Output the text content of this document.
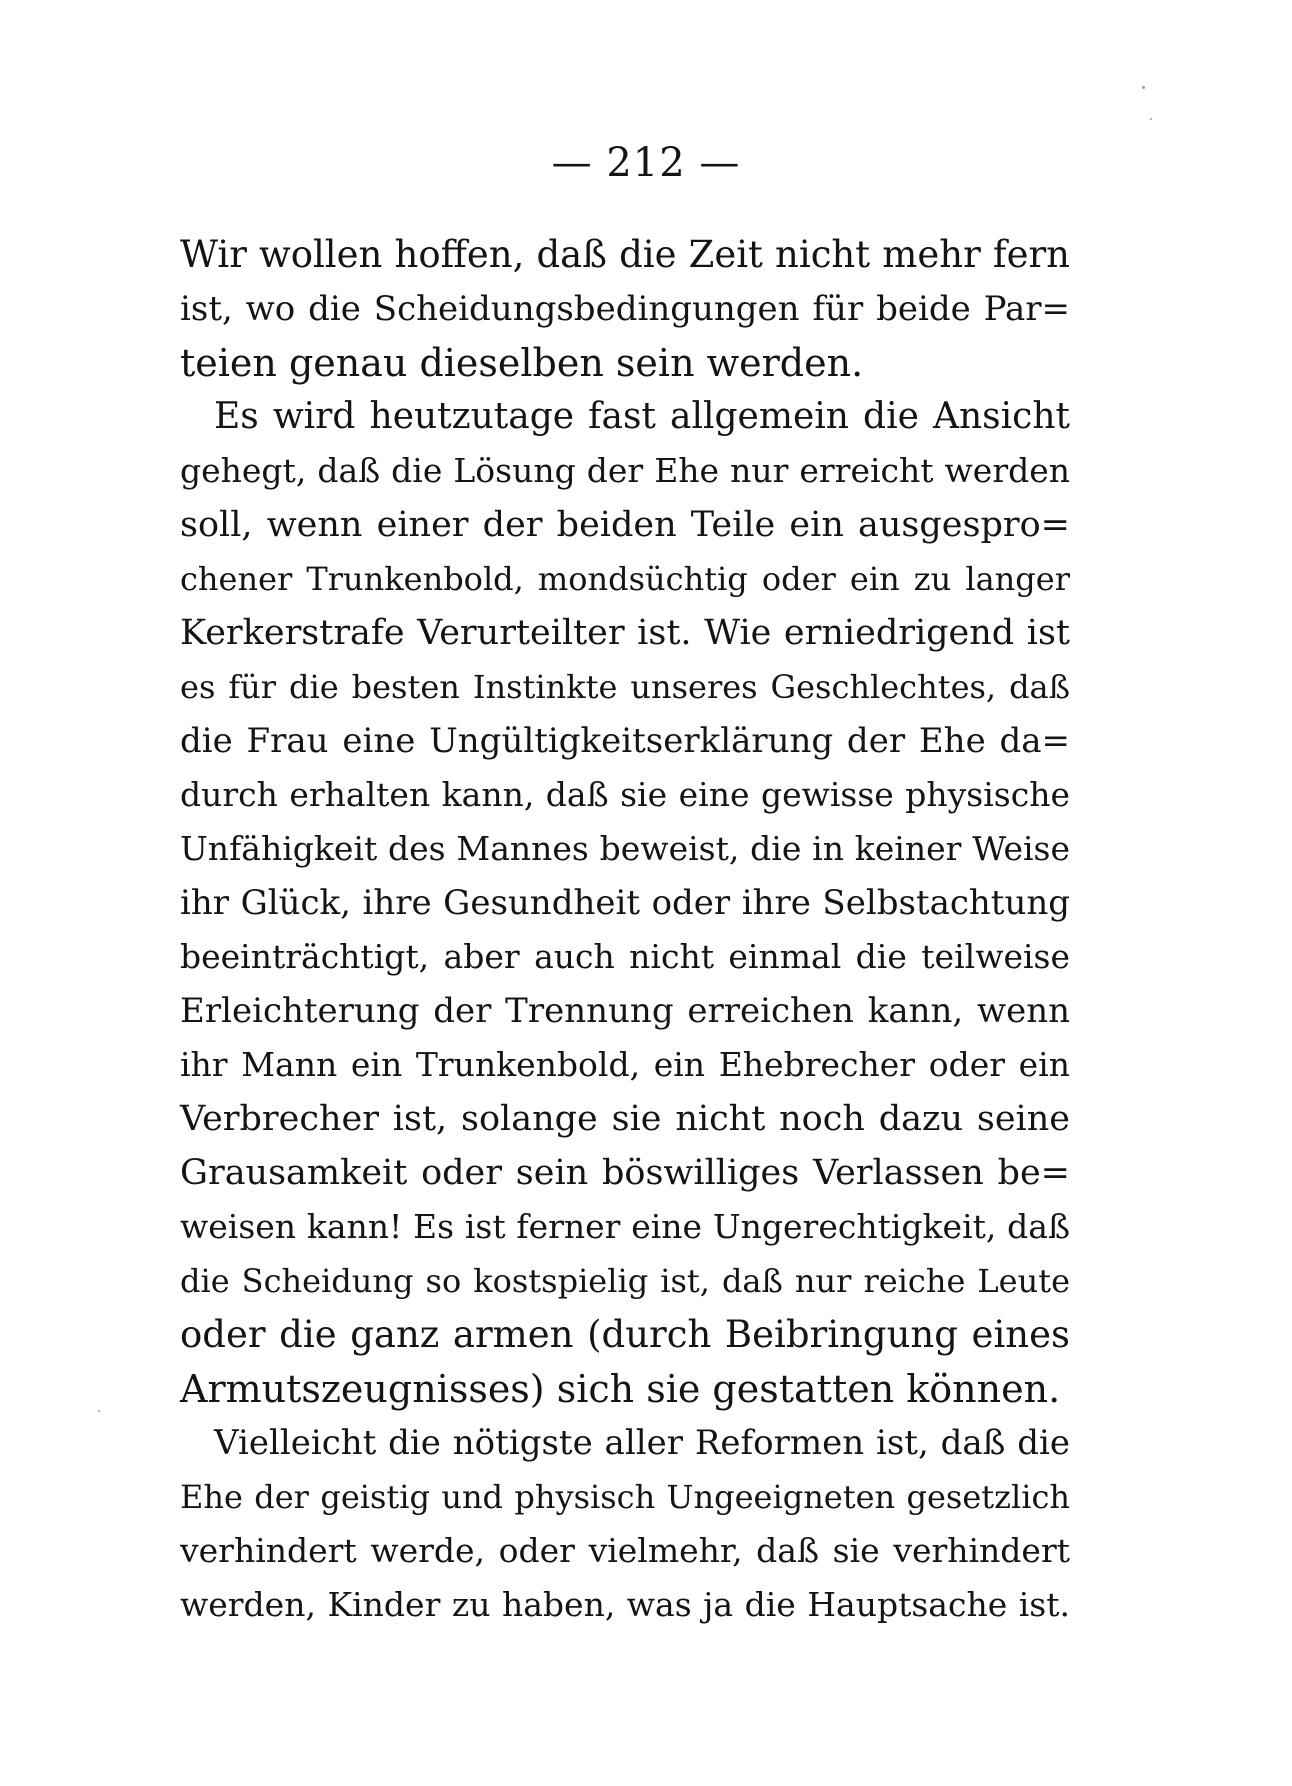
— 212 —
Wir wollen hoffen, daß die Zeit nicht mehr fern
ist, wo die Scheidungsbedingungen für beide Par=
teien genau dieselben sein werden.
Es wird heutzutage fast allgemein die Ansicht
gehegt, daß die Lösung der Ehe nur erreicht werden
soll, wenn einer der beiden Teile ein ausgespro=
chener Trunkenbold, mondsüchtig oder ein zu langer
Kerkerstrafe Verurteilter ist. Wie erniedrigend ist
es für die besten Instinkte unseres Geschlechtes, daß
die Frau eine Ungültigkeitserklärung der Ehe da=
durch erhalten kann, daß sie eine gewisse physische
Unfähigkeit des Mannes beweist, die in keiner Weise
ihr Glück, ihre Gesundheit oder ihre Selbstachtung
beeinträchtigt, aber auch nicht einmal die teilweise
Erleichterung der Trennung erreichen kann, wenn
ihr Mann ein Trunkenbold, ein Ehebrecher oder ein
Verbrecher ist, solange sie nicht noch dazu seine
Grausamkeit oder sein böswilliges Verlassen be=
weisen kann! Es ist ferner eine Ungerechtigkeit, daß
die Scheidung so kostspielig ist, daß nur reiche Leute
oder die ganz armen (durch Beibringung eines
Armutszeugnisses) sich sie gestatten können.
Vielleicht die nötigste aller Reformen ist, daß die
Ehe der geistig und physisch Ungeeigneten gesetzlich
verhindert werde, oder vielmehr, daß sie verhindert
werden, Kinder zu haben, was ja die Hauptsache ist.
